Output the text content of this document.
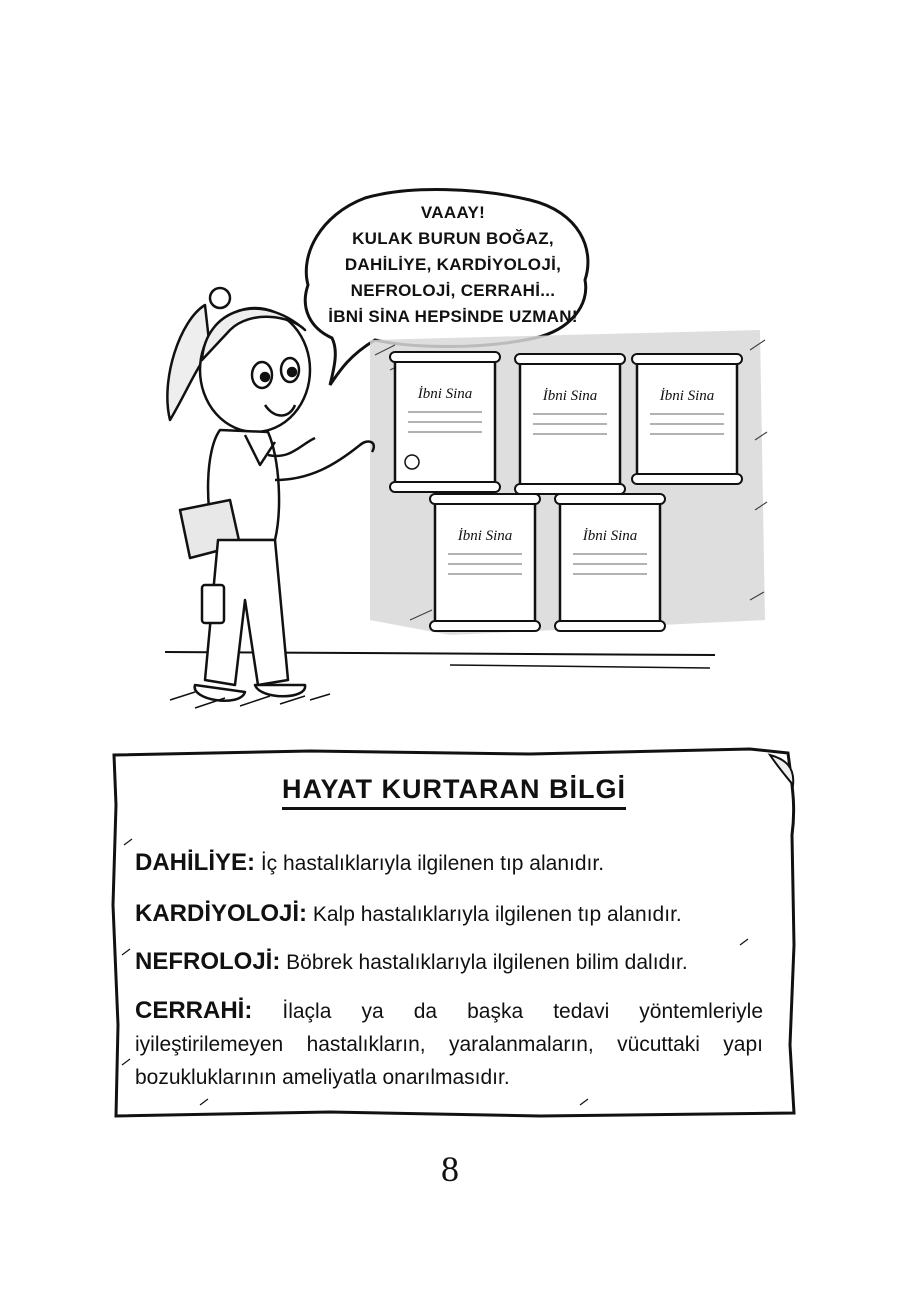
İbni Sina	İbni Sina	İbni Sina
İbni Sina	İbni Sina
VAAAY!
KULAK BURUN BOĞAZ,
DAHİLİYE, KARDİYOLOJİ,
NEFROLOJİ, CERRAHİ...
İBNİ SİNA HEPSİNDE UZMAN!
HAYAT KURTARAN BİLGİ
DAHİLİYE: İç hastalıklarıyla ilgilenen tıp alanıdır.
KARDİYOLOJİ: Kalp hastalıklarıyla ilgilenen tıp alanıdır.
NEFROLOJİ: Böbrek hastalıklarıyla ilgilenen bilim dalıdır.
CERRAHİ: İlaçla ya da başka tedavi yöntemleriyle iyileştirilemeyen hastalıkların, yaralanmaların, vücuttaki yapı bozukluklarının ameliyatla onarılmasıdır.
8
